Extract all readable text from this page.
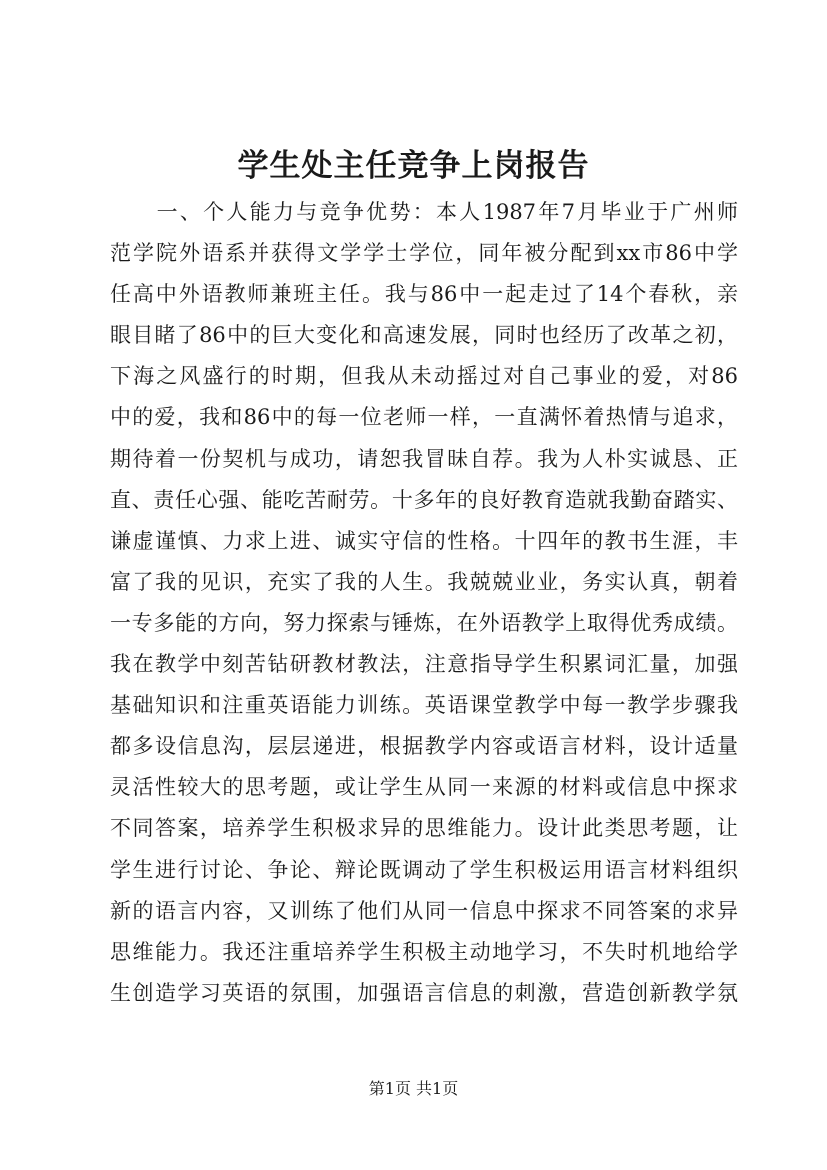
学生处主任竞争上岗报告
　　一、个人能力与竞争优势：本人1987年7月毕业于广州师
范学院外语系并获得文学学士学位，同年被分配到xx市86中学
任高中外语教师兼班主任。我与86中一起走过了14个春秋，亲
眼目睹了86中的巨大变化和高速发展，同时也经历了改革之初，
下海之风盛行的时期，但我从未动摇过对自己事业的爱，对86
中的爱，我和86中的每一位老师一样，一直满怀着热情与追求，
期待着一份契机与成功，请恕我冒昧自荐。我为人朴实诚恳、正
直、责任心强、能吃苦耐劳。十多年的良好教育造就我勤奋踏实、
谦虚谨慎、力求上进、诚实守信的性格。十四年的教书生涯，丰
富了我的见识，充实了我的人生。我兢兢业业，务实认真，朝着
一专多能的方向，努力探索与锤炼，在外语教学上取得优秀成绩。
我在教学中刻苦钻研教材教法，注意指导学生积累词汇量，加强
基础知识和注重英语能力训练。英语课堂教学中每一教学步骤我
都多设信息沟，层层递进，根据教学内容或语言材料，设计适量
灵活性较大的思考题，或让学生从同一来源的材料或信息中探求
不同答案，培养学生积极求异的思维能力。设计此类思考题，让
学生进行讨论、争论、辩论既调动了学生积极运用语言材料组织
新的语言内容，又训练了他们从同一信息中探求不同答案的求异
思维能力。我还注重培养学生积极主动地学习，不失时机地给学
生创造学习英语的氛围，加强语言信息的刺激，营造创新教学氛
第1页 共1页
